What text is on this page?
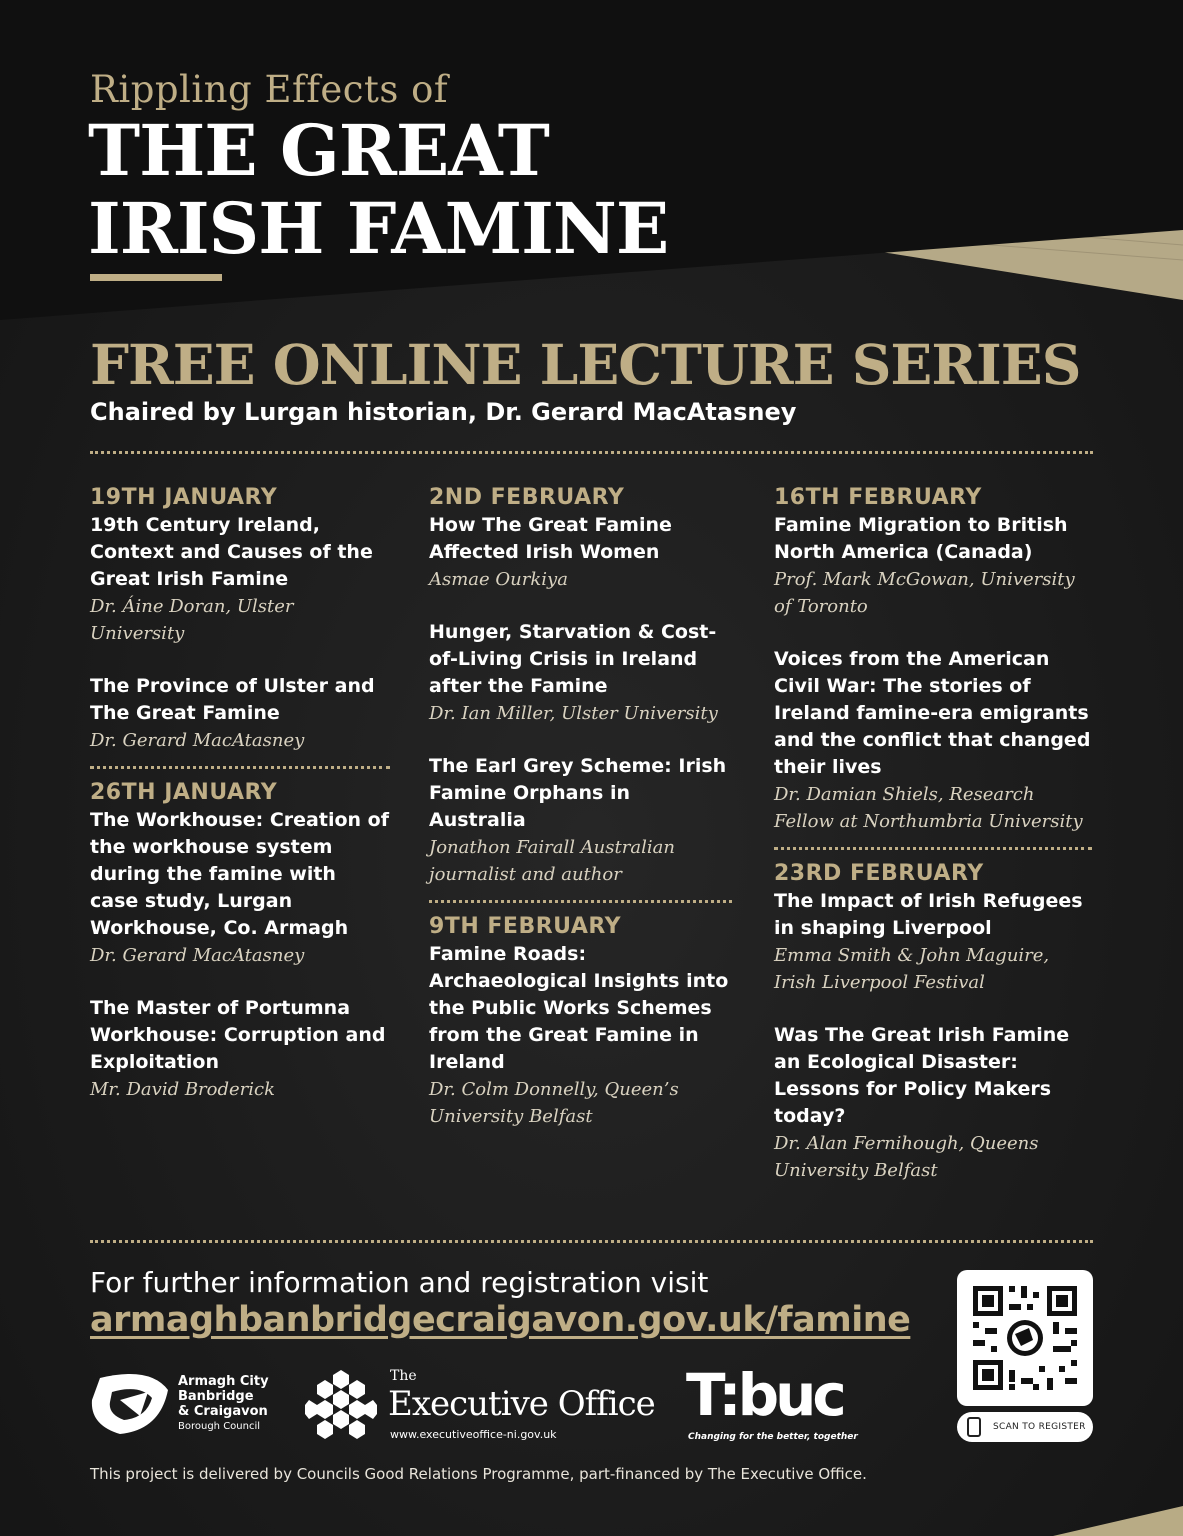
Rippling Effects of
THE GREAT
IRISH FAMINE
FREE ONLINE LECTURE SERIES
Chaired by Lurgan historian, Dr. Gerard MacAtasney
19TH JANUARY
19th Century Ireland, Context and Causes of the Great Irish Famine
Dr. Áine Doran, Ulster University
The Province of Ulster and The Great Famine
Dr. Gerard MacAtasney
26TH JANUARY
The Workhouse: Creation of the workhouse system during the famine with case study, Lurgan Workhouse, Co. Armagh
Dr. Gerard MacAtasney
The Master of Portumna Workhouse: Corruption and Exploitation
Mr. David Broderick
2ND FEBRUARY
How The Great Famine Affected Irish Women
Asmae Ourkiya
Hunger, Starvation & Cost-of-Living Crisis in Ireland after the Famine
Dr. Ian Miller, Ulster University
The Earl Grey Scheme: Irish Famine Orphans in Australia
Jonathon Fairall Australian journalist and author
9TH FEBRUARY
Famine Roads: Archaeological Insights into the Public Works Schemes from the Great Famine in Ireland
Dr. Colm Donnelly, Queen’s University Belfast
16TH FEBRUARY
Famine Migration to British North America (Canada)
Prof. Mark McGowan, University of Toronto
Voices from the American Civil War: The stories of Ireland famine-era emigrants and the conflict that changed their lives
Dr. Damian Shiels, Research Fellow at Northumbria University
23RD FEBRUARY
The Impact of Irish Refugees in shaping Liverpool
Emma Smith & John Maguire, Irish Liverpool Festival
Was The Great Irish Famine an Ecological Disaster: Lessons for Policy Makers today?
Dr. Alan Fernihough, Queens University Belfast
For further information and registration visit
armaghbanbridgecraigavon.gov.uk/famine
SCAN TO REGISTER
Armagh City
Banbridge
& Craigavon
Borough Council
The
Executive Office
www.executiveoffice-ni.gov.uk
T:buc
Changing for the better, together
This project is delivered by Councils Good Relations Programme, part-financed by The Executive Office.
